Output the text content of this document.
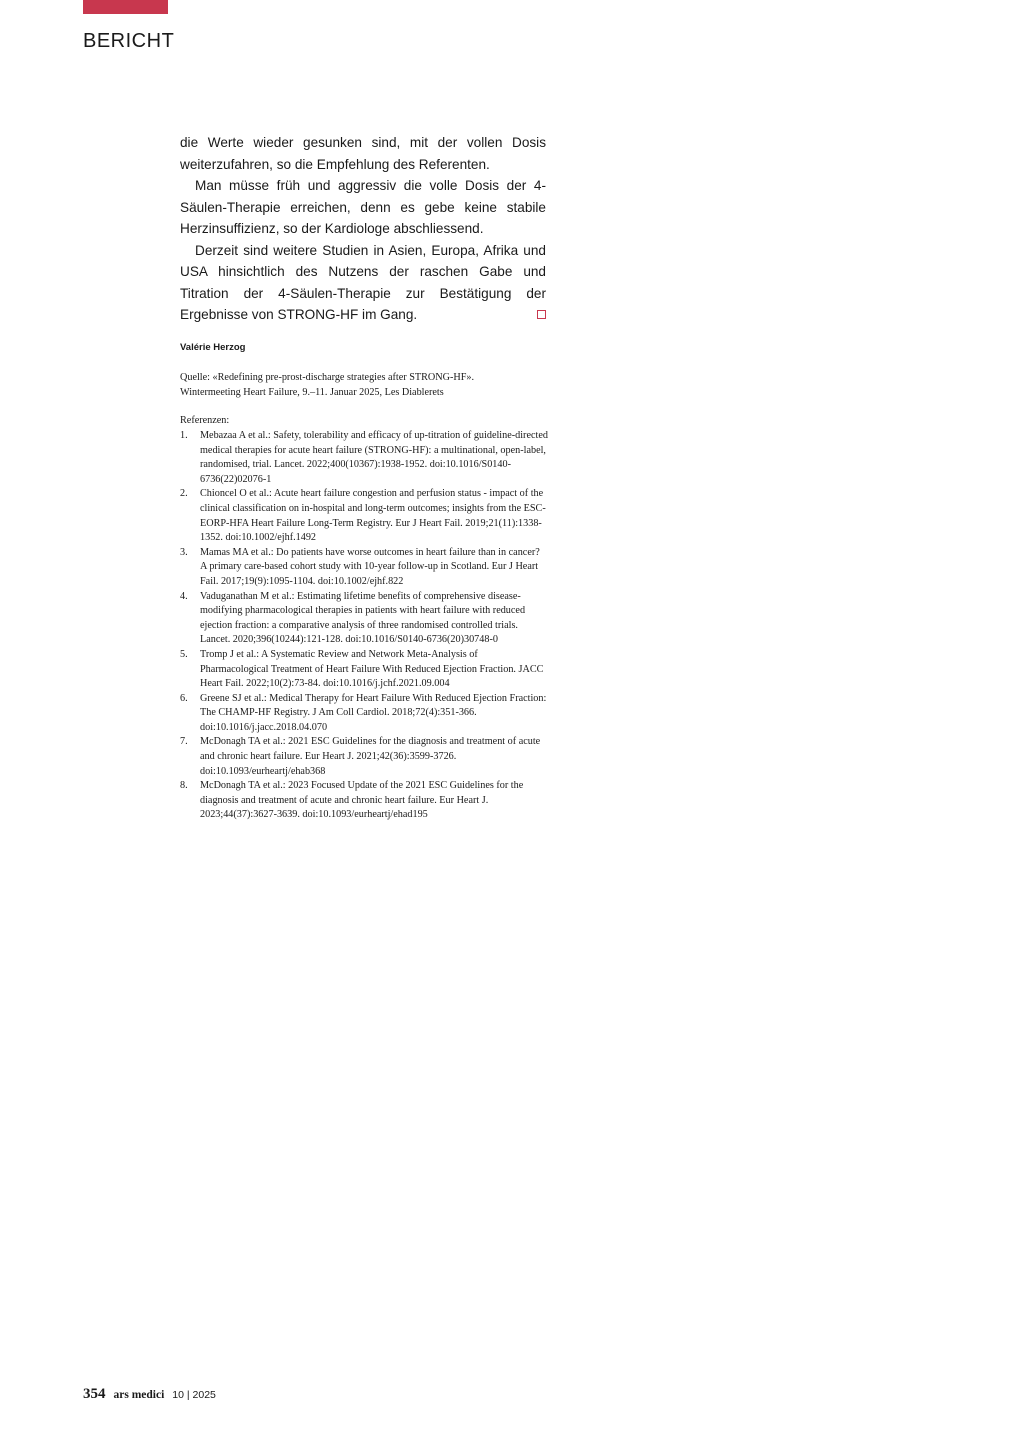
BERICHT

die Werte wieder gesunken sind, mit der vollen Dosis weiterzufahren, so die Empfehlung des Referenten.

Man müsse früh und aggressiv die volle Dosis der 4-Säulen-Therapie erreichen, denn es gebe keine stabile Herzinsuffizienz, so der Kardiologe abschliessend.

Derzeit sind weitere Studien in Asien, Europa, Afrika und USA hinsichtlich des Nutzens der raschen Gabe und Titration der 4-Säulen-Therapie zur Bestätigung der Ergebnisse von STRONG-HF im Gang.

Valérie Herzog
Quelle: «Redefining pre-prost-discharge strategies after STRONG-HF».
Wintermeeting Heart Failure, 9.–11. Januar 2025, Les Diablerets
Referenzen:
1. Mebazaa A et al.: Safety, tolerability and efficacy of up-titration of guideline-directed medical therapies for acute heart failure (STRONG-HF): a multinational, open-label, randomised, trial. Lancet. 2022;400(10367):1938-1952. doi:10.1016/S0140-6736(22)02076-1
2. Chioncel O et al.: Acute heart failure congestion and perfusion status - impact of the clinical classification on in-hospital and long-term outcomes; insights from the ESC-EORP-HFA Heart Failure Long-Term Registry. Eur J Heart Fail. 2019;21(11):1338-1352. doi:10.1002/ejhf.1492
3. Mamas MA et al.: Do patients have worse outcomes in heart failure than in cancer? A primary care-based cohort study with 10-year follow-up in Scotland. Eur J Heart Fail. 2017;19(9):1095-1104. doi:10.1002/ejhf.822
4. Vaduganathan M et al.: Estimating lifetime benefits of comprehensive disease-modifying pharmacological therapies in patients with heart failure with reduced ejection fraction: a comparative analysis of three randomised controlled trials. Lancet. 2020;396(10244):121-128. doi:10.1016/S0140-6736(20)30748-0
5. Tromp J et al.: A Systematic Review and Network Meta-Analysis of Pharmacological Treatment of Heart Failure With Reduced Ejection Fraction. JACC Heart Fail. 2022;10(2):73-84. doi:10.1016/j.jchf.2021.09.004
6. Greene SJ et al.: Medical Therapy for Heart Failure With Reduced Ejection Fraction: The CHAMP-HF Registry. J Am Coll Cardiol. 2018;72(4):351-366. doi:10.1016/j.jacc.2018.04.070
7. McDonagh TA et al.: 2021 ESC Guidelines for the diagnosis and treatment of acute and chronic heart failure. Eur Heart J. 2021;42(36):3599-3726. doi:10.1093/eurheartj/ehab368
8. McDonagh TA et al.: 2023 Focused Update of the 2021 ESC Guidelines for the diagnosis and treatment of acute and chronic heart failure. Eur Heart J. 2023;44(37):3627-3639. doi:10.1093/eurheartj/ehad195
354 ars medici 10 | 2025
